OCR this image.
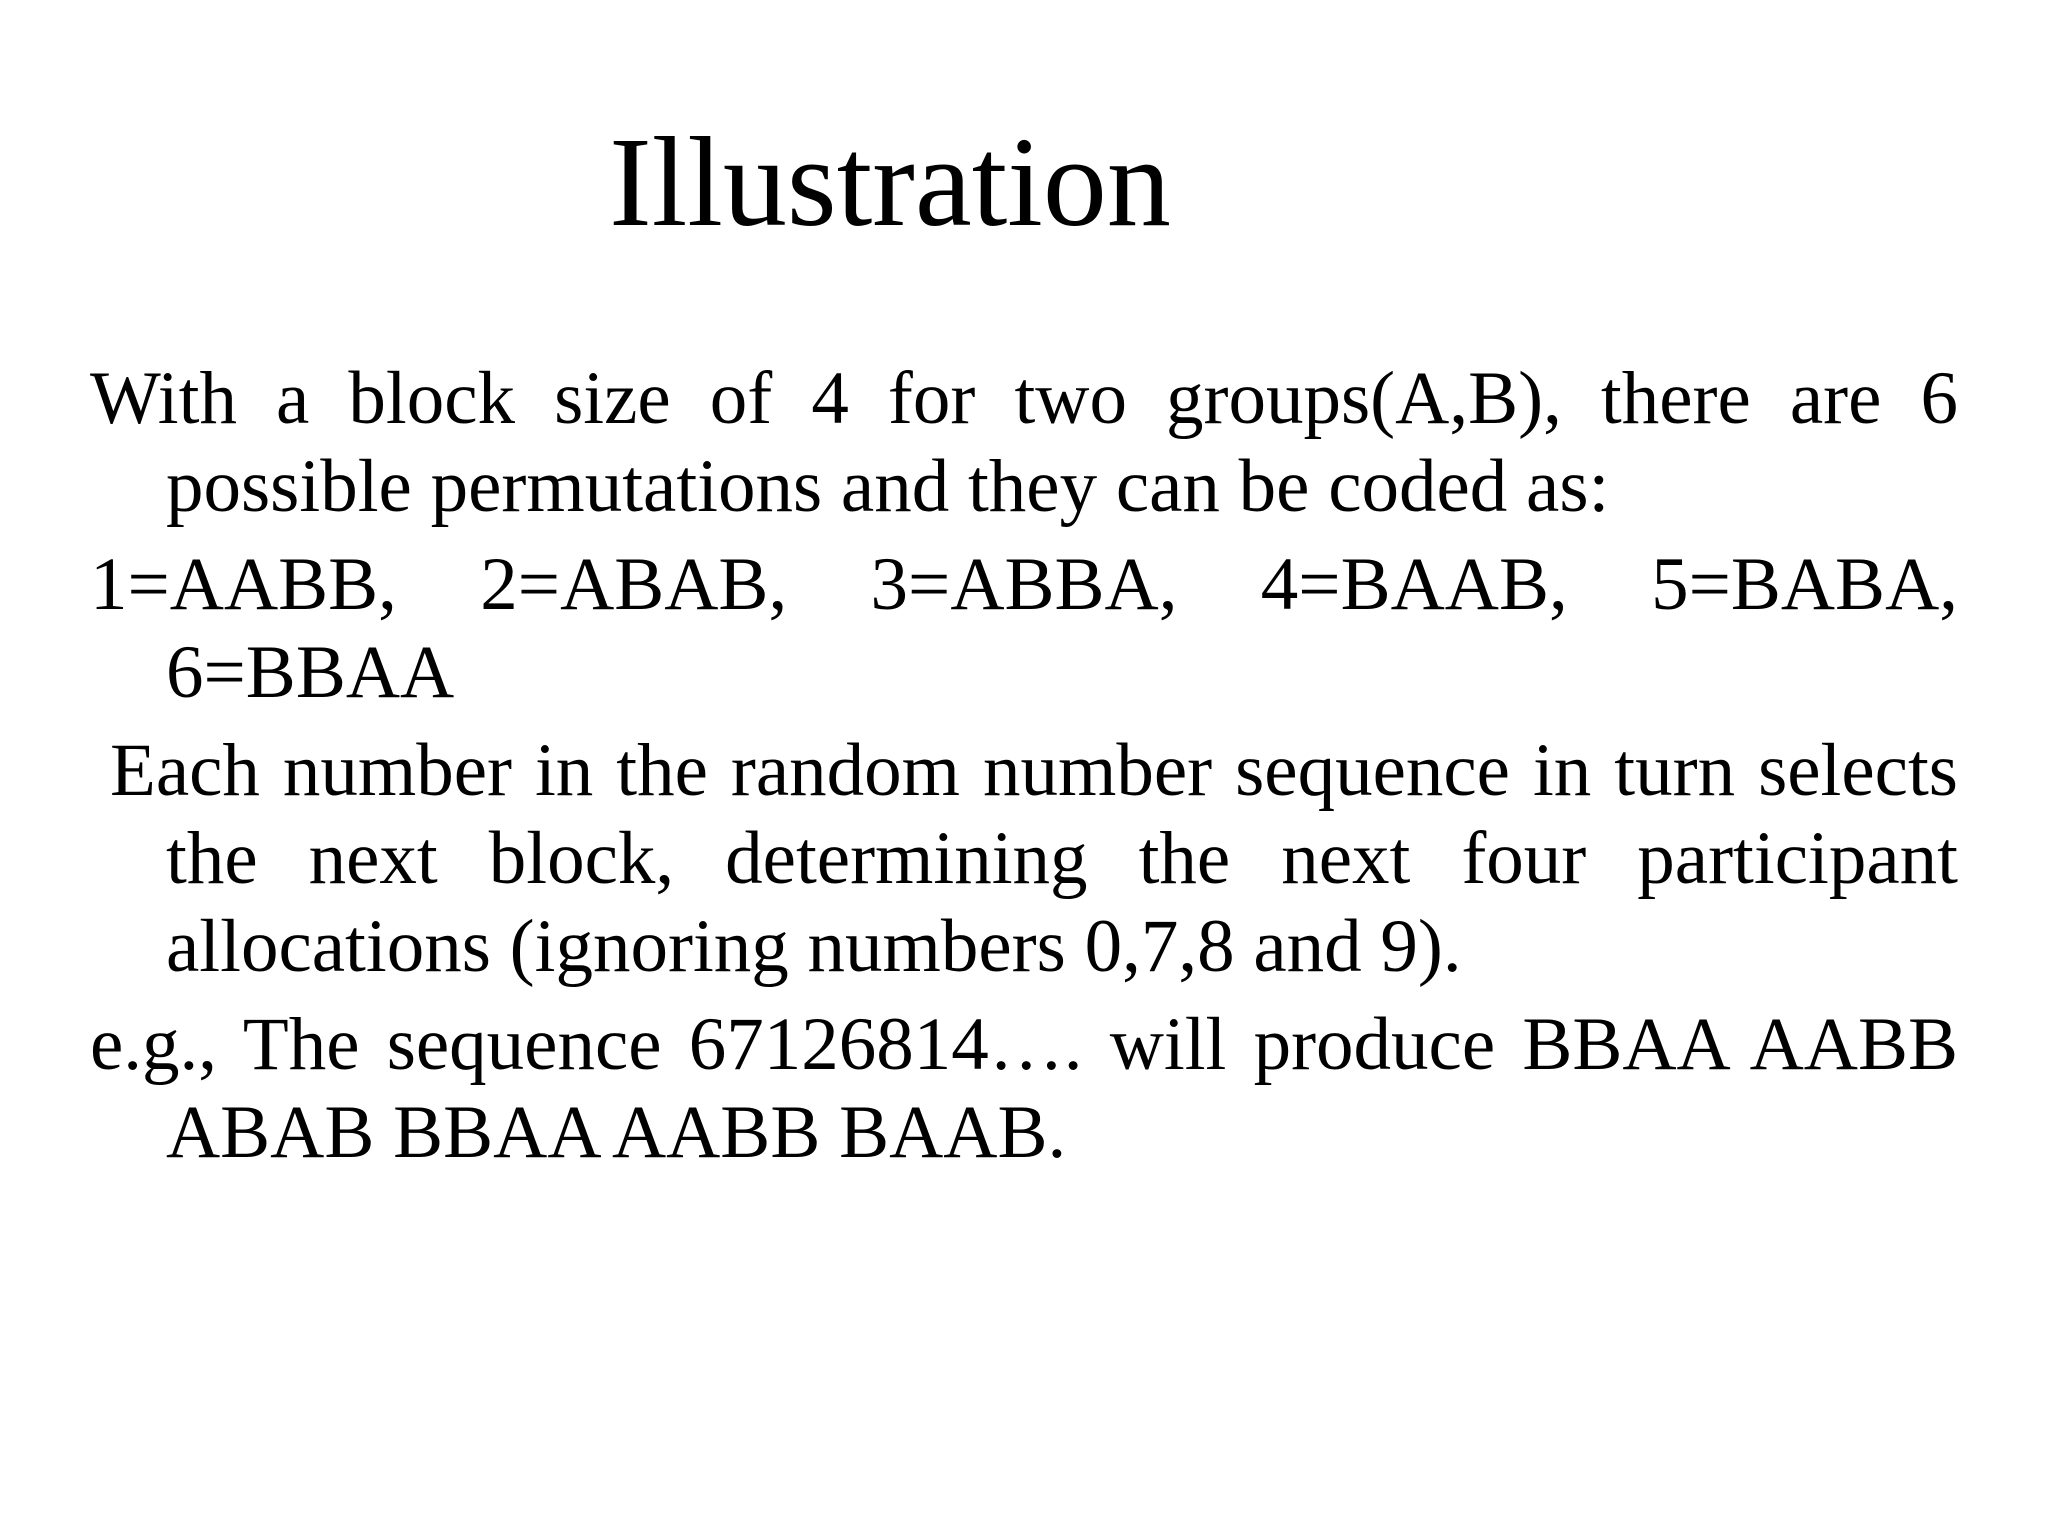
Illustration

With a block size of 4 for two groups(A,B), there are 6 possible permutations and they can be coded as:

1=AABB, 2=ABAB, 3=ABBA, 4=BAAB, 5=BABA, 6=BBAA

Each number in the random number sequence in turn selects the next block, determining the next four participant allocations (ignoring numbers 0,7,8 and 9).

e.g., The sequence 67126814…. will produce BBAA AABB ABAB BBAA AABB BAAB.
